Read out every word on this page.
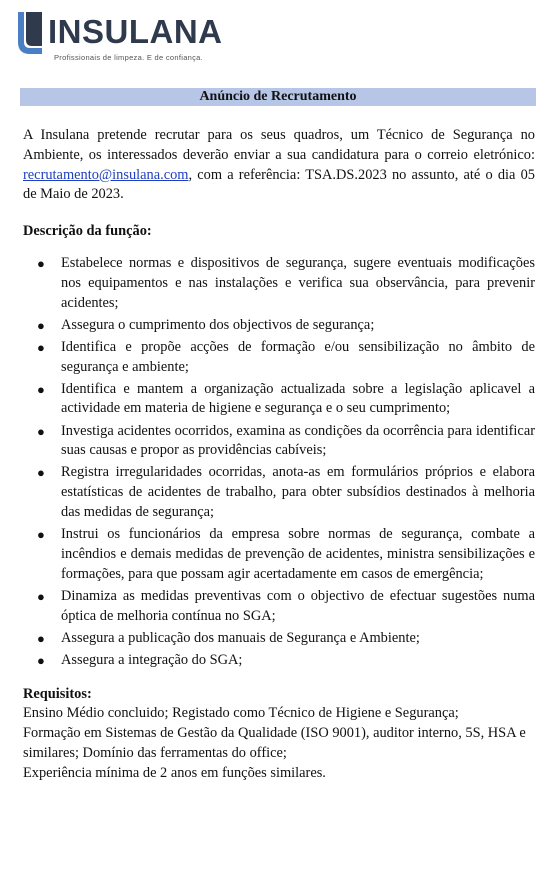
INSULANA
Profissionais de limpeza. E de confiança.
Anúncio de Recrutamento

A Insulana pretende recrutar para os seus quadros, um Técnico de Segurança no Ambiente, os interessados deverão enviar a sua candidatura para o correio eletrónico: recrutamento@insulana.com, com a referência: TSA.DS.2023 no assunto, até o dia 05 de Maio de 2023.

Descrição da função:
● Estabelece normas e dispositivos de segurança, sugere eventuais modificações nos equipamentos e nas instalações e verifica sua observância, para prevenir acidentes;
● Assegura o cumprimento dos objectivos de segurança;
● Identifica e propõe acções de formação e/ou sensibilização no âmbito de segurança e ambiente;
● Identifica e mantem a organização actualizada sobre a legislação aplicavel a actividade em materia de higiene e segurança e o seu cumprimento;
● Investiga acidentes ocorridos, examina as condições da ocorrência para identificar suas causas e propor as providências cabíveis;
● Registra irregularidades ocorridas, anota-as em formulários próprios e elabora estatísticas de acidentes de trabalho, para obter subsídios destinados à melhoria das medidas de segurança;
● Instrui os funcionários da empresa sobre normas de segurança, combate a incêndios e demais medidas de prevenção de acidentes, ministra sensibilizações e formações, para que possam agir acertadamente em casos de emergência;
● Dinamiza as medidas preventivas com o objectivo de efectuar sugestões numa óptica de melhoria contínua no SGA;
● Assegura a publicação dos manuais de Segurança e Ambiente;
● Assegura a integração do SGA;
Requisitos:

Ensino Médio concluido; Registado como Técnico de Higiene e Segurança;

Formação em Sistemas de Gestão da Qualidade (ISO 9001), auditor interno, 5S, HSA e similares; Domínio das ferramentas do office;

Experiência mínima de 2 anos em funções similares.
